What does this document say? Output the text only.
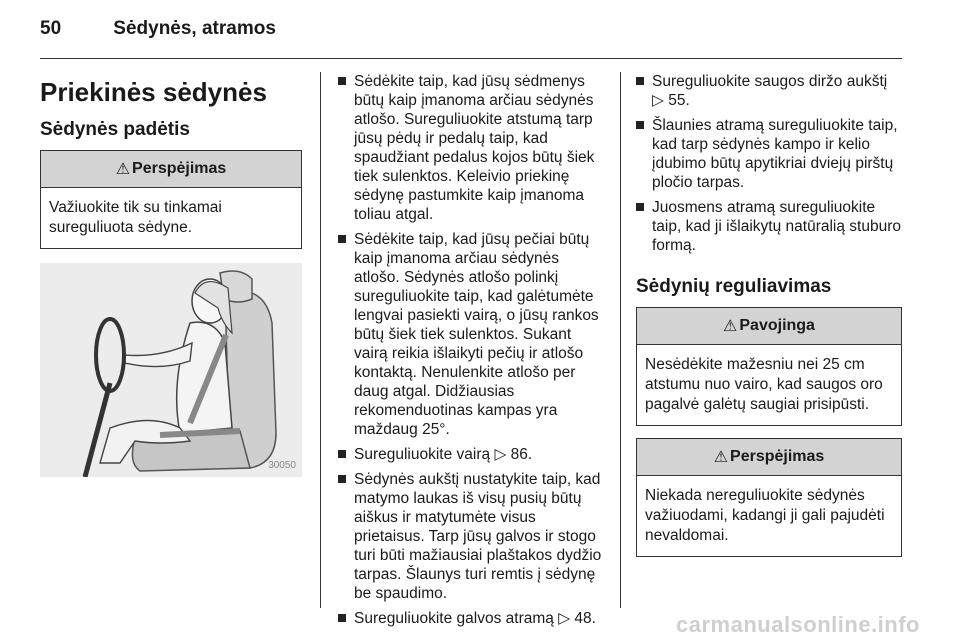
50	Sėdynės, atramos
Priekinės sėdynės
Sėdynės padėtis
⚠ Perspėjimas
Važiuokite tik su tinkamai sureguliuota sėdyne.
30050
Sėdėkite taip, kad jūsų sėdmenys būtų kaip įmanoma arčiau sėdynės atlošo. Sureguliuokite atstumą tarp jūsų pėdų ir pedalų taip, kad spaudžiant pedalus kojos būtų šiek tiek sulenktos. Keleivio priekinę sėdynę pastumkite kaip įmanoma toliau atgal.
Sėdėkite taip, kad jūsų pečiai būtų kaip įmanoma arčiau sėdynės atlošo. Sėdynės atlošo polinkį sureguliuokite taip, kad galėtumėte lengvai pasiekti vairą, o jūsų rankos būtų šiek tiek sulenktos. Sukant vairą reikia išlaikyti pečių ir atlošo kontaktą. Nenulenkite atlošo per daug atgal. Didžiausias rekomenduotinas kampas yra maždaug 25°.
Sureguliuokite vairą ▷ 86.
Sėdynės aukštį nustatykite taip, kad matymo laukas iš visų pusių būtų aiškus ir matytumėte visus prietaisus. Tarp jūsų galvos ir stogo turi būti mažiausiai plaštakos dydžio tarpas. Šlaunys turi remtis į sėdynę be spaudimo.
Sureguliuokite galvos atramą ▷ 48.
Sureguliuokite saugos diržo aukštį ▷ 55.
Šlaunies atramą sureguliuokite taip, kad tarp sėdynės kampo ir kelio įdubimo būtų apytikriai dviejų pirštų pločio tarpas.
Juosmens atramą sureguliuokite taip, kad ji išlaikytų natūralią stuburo formą.
Sėdynių reguliavimas
⚠ Pavojinga
Nesėdėkite mažesniu nei 25 cm atstumu nuo vairo, kad saugos oro pagalvė galėtų saugiai prisipūsti.
⚠ Perspėjimas
Niekada nereguliuokite sėdynės važiuodami, kadangi ji gali pajudėti nevaldomai.
carmanualsonline.info
